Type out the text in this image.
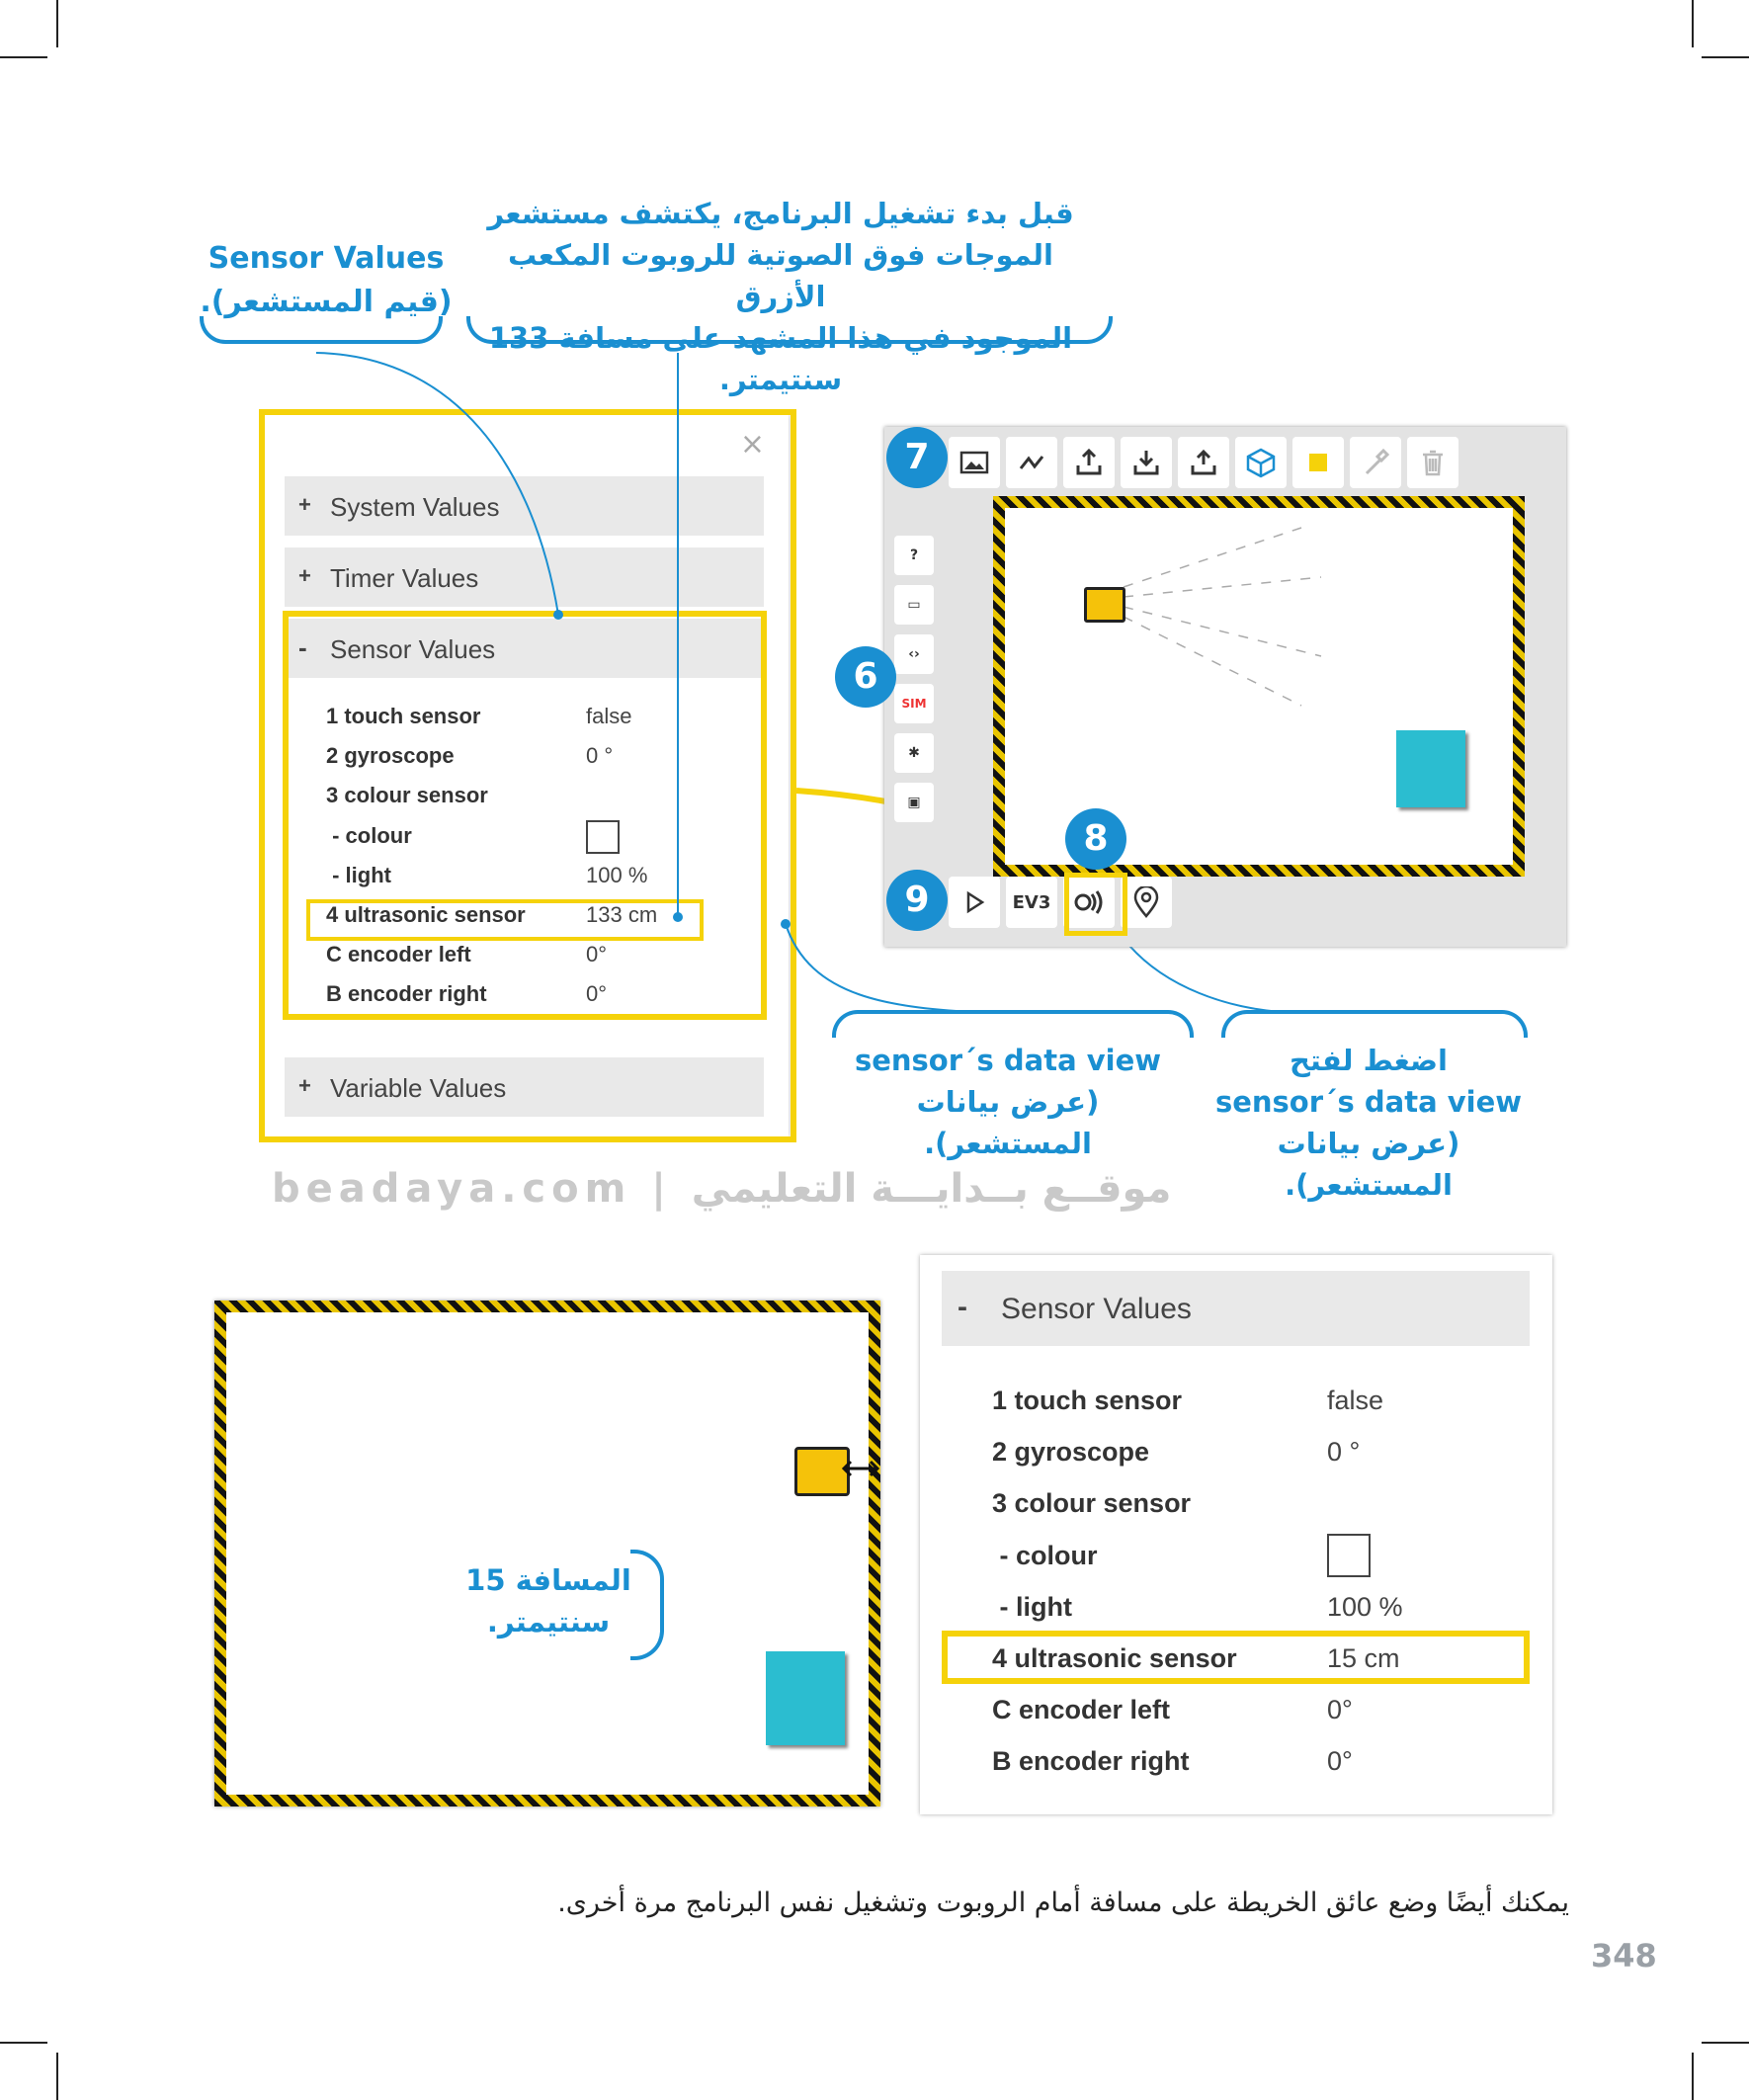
Sensor Values
(قيم المستشعر).
قبل بدء تشغيل البرنامج، يكتشف مستشعر
الموجات فوق الصوتية للروبوت المكعب الأزرق
الموجود في هذا المشهد على مسافة 133 سنتيمتر.
×
+ System Values
+ Timer Values
- Sensor Values
1 touch sensor	false
2 gyroscope	0 °
3 colour sensor
- colour
- light	100 %
4 ultrasonic sensor	133 cm
C encoder left	0°
B encoder right	0°
+ Variable Values
?
▭
‹›
SIM
✱
▣
EV3
7
6
8
9
sensor´s data view
(عرض بيانات المستشعر).
اضغط لفتح
sensor´s data view
(عرض بيانات المستشعر).
beadaya.com | موقــع بــدايـــة التعليمي
المسافة 15
سنتيمتر.
- Sensor Values
1 touch sensor	false
2 gyroscope	0 °
3 colour sensor
- colour
- light	100 %
4 ultrasonic sensor	15 cm
C encoder left	0°
B encoder right	0°
يمكنك أيضًا وضع عائق الخريطة على مسافة أمام الروبوت وتشغيل نفس البرنامج مرة أخرى.
348
